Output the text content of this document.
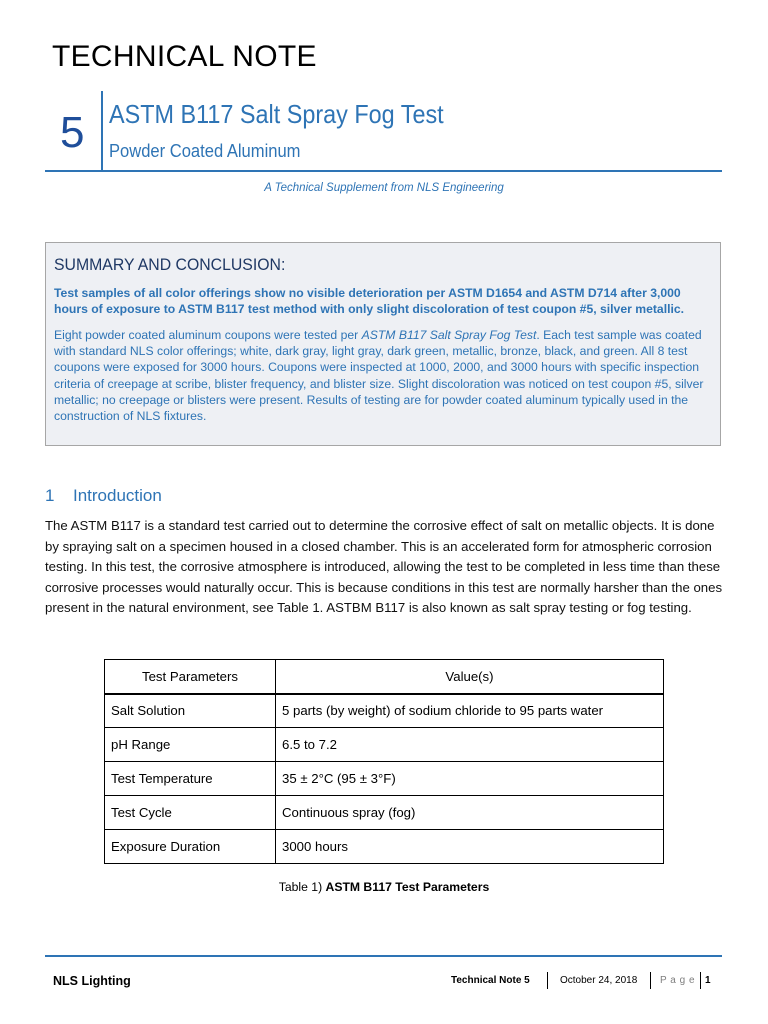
TECHNICAL NOTE
5 ASTM B117 Salt Spray Fog Test
Powder Coated Aluminum
A Technical Supplement from NLS Engineering
SUMMARY AND CONCLUSION:
Test samples of all color offerings show no visible deterioration per ASTM D1654 and ASTM D714 after 3,000 hours of exposure to ASTM B117 test method with only slight discoloration of test coupon #5, silver metallic.
Eight powder coated aluminum coupons were tested per ASTM B117 Salt Spray Fog Test. Each test sample was coated with standard NLS color offerings; white, dark gray, light gray, dark green, metallic, bronze, black, and green. All 8 test coupons were exposed for 3000 hours. Coupons were inspected at 1000, 2000, and 3000 hours with specific inspection criteria of creepage at scribe, blister frequency, and blister size. Slight discoloration was noticed on test coupon #5, silver metallic; no creepage or blisters were present. Results of testing are for powder coated aluminum typically used in the construction of NLS fixtures.
1 Introduction
The ASTM B117 is a standard test carried out to determine the corrosive effect of salt on metallic objects. It is done by spraying salt on a specimen housed in a closed chamber. This is an accelerated form for atmospheric corrosion testing. In this test, the corrosive atmosphere is introduced, allowing the test to be completed in less time than these corrosive processes would naturally occur. This is because conditions in this test are normally harsher than the ones present in the natural environment, see Table 1. ASTBM B117 is also known as salt spray testing or fog testing.
Test Parameters	Value(s)
Salt Solution	5 parts (by weight) of sodium chloride to 95 parts water
pH Range	6.5 to 7.2
Test Temperature	35 ± 2°C (95 ± 3°F)
Test Cycle	Continuous spray (fog)
Exposure Duration	3000 hours
Table 1) ASTM B117 Test Parameters
NLS Lighting	Technical Note 5	October 24, 2018 P a g e 1
